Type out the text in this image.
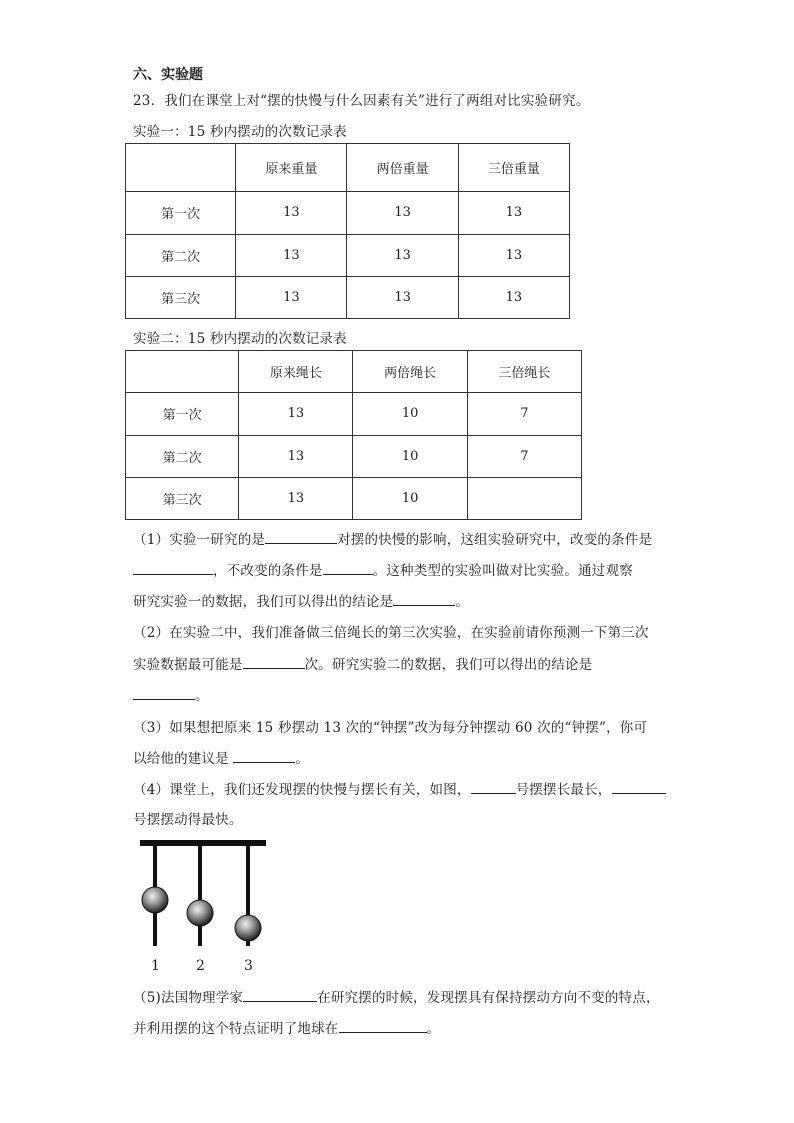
六、实验题
23．我们在课堂上对“摆的快慢与什么因素有关”进行了两组对比实验研究。
实验一：15 秒内摆动的次数记录表
	原来重量	两倍重量	三倍重量
第一次	13	13	13
第二次	13	13	13
第三次	13	13	13
实验二：15 秒内摆动的次数记录表
	原来绳长	两倍绳长	三倍绳长
第一次	13	10	7
第二次	13	10	7
第三次	13	10	
（1）实验一研究的是	对摆的快慢的影响，这组实验研究中，改变的条件是
，不改变的条件是	。这种类型的实验叫做对比实验。通过观察
研究实验一的数据，我们可以得出的结论是	。
（2）在实验二中，我们准备做三倍绳长的第三次实验，在实验前请你预测一下第三次
实验数据最可能是	次。研究实验二的数据，我们可以得出的结论是
。
（3）如果想把原来 15 秒摆动 13 次的“钟摆”改为每分钟摆动 60 次的“钟摆”，你可
以给他的建议是	。
（4）课堂上，我们还发现摆的快慢与摆长有关，如图，	号摆摆长最长，
号摆摆动得最快。
1	2	3
（5)法国物理学家	在研究摆的时候，发现摆具有保持摆动方向不变的特点，
并利用摆的这个特点证明了地球在	。
